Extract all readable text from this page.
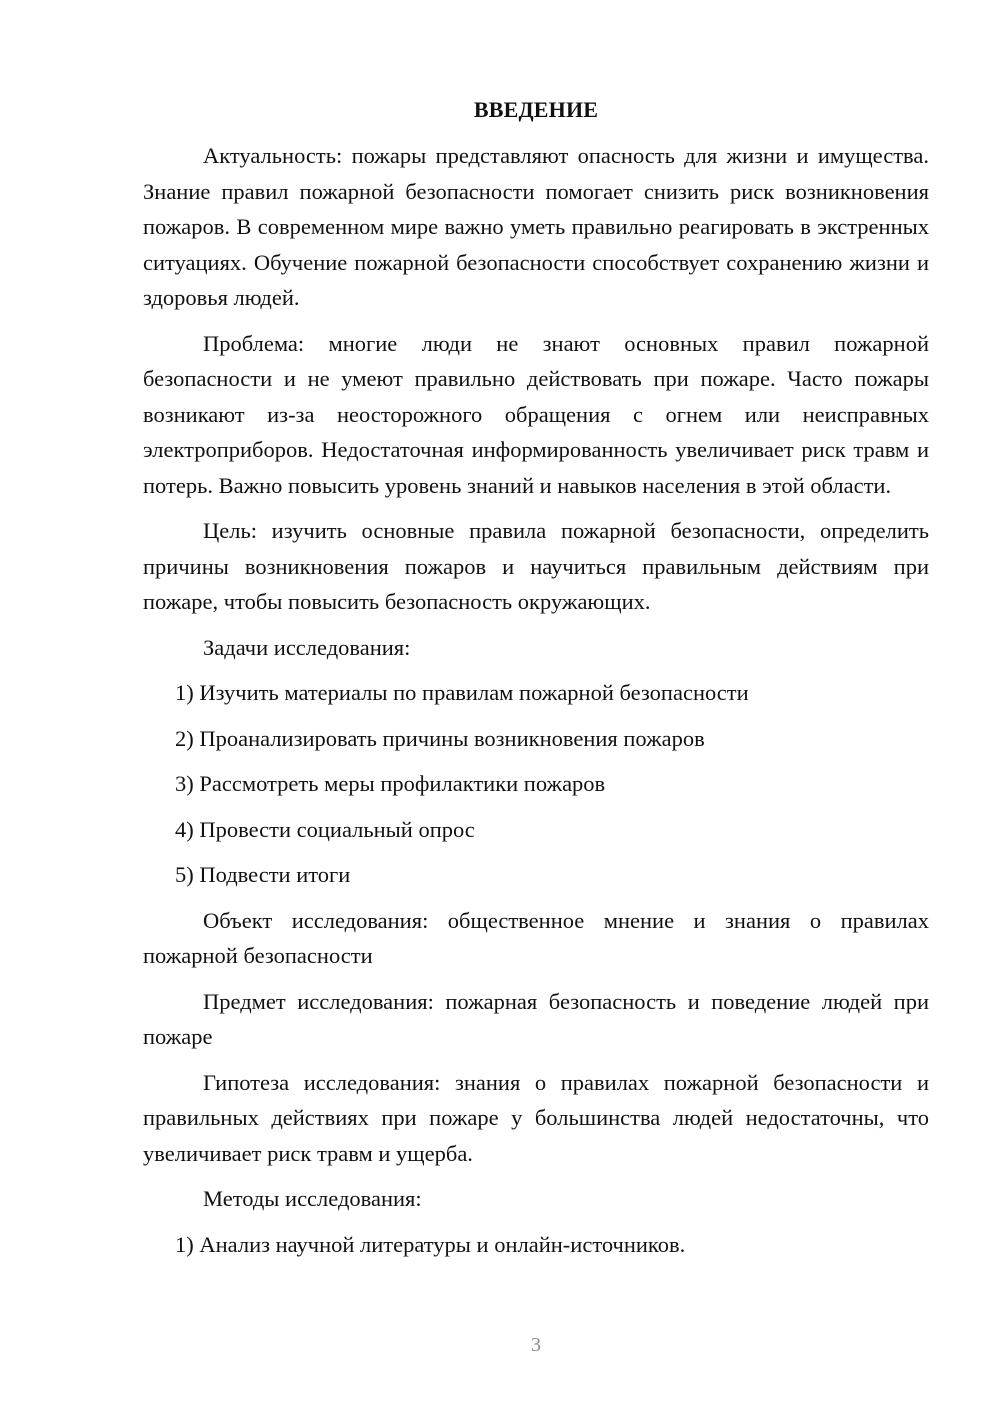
ВВЕДЕНИЕ

Актуальность: пожары представляют опасность для жизни и имущества. Знание правил пожарной безопасности помогает снизить риск возникновения пожаров. В современном мире важно уметь правильно реагировать в экстренных ситуациях. Обучение пожарной безопасности способствует сохранению жизни и здоровья людей.

Проблема: многие люди не знают основных правил пожарной безопасности и не умеют правильно действовать при пожаре. Часто пожары возникают из-за неосторожного обращения с огнем или неисправных электроприборов. Недостаточная информированность увеличивает риск травм и потерь. Важно повысить уровень знаний и навыков населения в этой области.

Цель: изучить основные правила пожарной безопасности, определить причины возникновения пожаров и научиться правильным действиям при пожаре, чтобы повысить безопасность окружающих.

Задачи исследования:

1) Изучить материалы по правилам пожарной безопасности
2) Проанализировать причины возникновения пожаров
3) Рассмотреть меры профилактики пожаров
4) Провести социальный опрос
5) Подвести итоги

Объект исследования: общественное мнение и знания о правилах пожарной безопасности

Предмет исследования: пожарная безопасность и поведение людей при пожаре

Гипотеза исследования: знания о правилах пожарной безопасности и правильных действиях при пожаре у большинства людей недостаточны, что увеличивает риск травм и ущерба.

Методы исследования:

1) Анализ научной литературы и онлайн-источников.
3
